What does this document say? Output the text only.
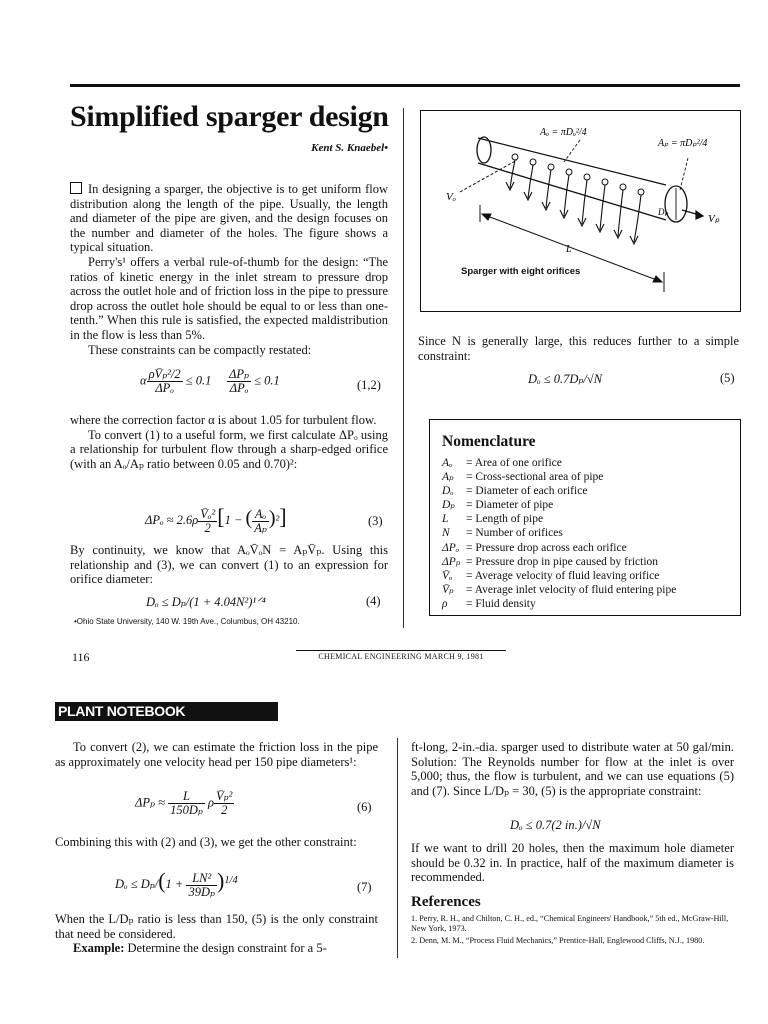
Simplified sparger design
Kent S. Knaebel•

In designing a sparger, the objective is to get uniform flow distribution along the length of the pipe. Usually, the length and diameter of the pipe are given, and the design focuses on the number and diameter of the holes. The figure shows a typical situation.

Perry's¹ offers a verbal rule-of-thumb for the design: “The ratios of kinetic energy in the inlet stream to pressure drop across the outlet hole and of friction loss in the pipe to pressure drop across the outlet hole should be equal to or less than one-tenth.” When this rule is satisfied, the expected maldistribution in the flow is less than 5%.

These constraints can be compactly restated:

α $\frac{\text{ρV̄ₚ²/2}}{\text{ΔPₒ}} \le 0.1 \frac{\text{ΔPₚ}}{\text{ΔPₒ}} \le 0.1$	(1,2)

where the correction factor α is about 1.05 for turbulent flow.

To convert (1) to a useful form, we first calculate ΔPₒ using a relationship for turbulent flow through a sharp-edged orifice (with an Aₒ/Aₚ ratio between 0.05 and 0.70)²:

$\Delta P_o \approx 2.6\rho \frac{\text{V̄ₒ²}}{2} [1$ − ( $\frac{\text{Aₒ}}{\text{Aₚ}} )^2$]	(3)

By continuity, we know that AₒV̄ₒN = AₚV̄ₚ. Using this relationship and (3), we can convert (1) to an expression for orifice diameter:

Dₒ ≤ Dₚ/(1 + 4.04N²)¹ᐟ⁴	(4)
•Ohio State University, 140 W. 19th Ave., Columbus, OH 43210.
116	CHEMICAL ENGINEERING MARCH 9, 1981
Aₒ = πDₒ²/4
Aₚ = πDₚ²/4
Vₒ
Vₚ
Dₚ
L
Sparger with eight orifices

Since N is generally large, this reduces further to a simple constraint:

Dₒ ≤ 0.7Dₚ/√N	(5)
Nomenclature
Aₒ = Area of one orifice
Aₚ = Cross-sectional area of pipe
Dₒ = Diameter of each orifice
Dₚ = Diameter of pipe
L = Length of pipe
N = Number of orifices
ΔPₒ = Pressure drop across each orifice
ΔPₚ = Pressure drop in pipe caused by friction
V̄ₒ = Average velocity of fluid leaving orifice
V̄ₚ = Average inlet velocity of fluid entering pipe
ρ = Fluid density
PLANT NOTEBOOK

To convert (2), we can estimate the friction loss in the pipe as approximately one velocity head per 150 pipe diameters¹:

$\Delta P_p \approx \frac{L}{\text{150Dₚ}}$ ρ $\frac{\text{V̄ₚ²}}{2}$	(6)

Combining this with (2) and (3), we get the other constraint:

$D_o \le D_p/(1 + \frac{\text{LN²}}{\text{39Dₚ}} )^{1/4}$	(7)

When the L/Dₚ ratio is less than 150, (5) is the only constraint that need be considered.

Example: Determine the design constraint for a 5-

ft-long, 2-in.-dia. sparger used to distribute water at 50 gal/min. Solution: The Reynolds number for flow at the inlet is over 5,000; thus, the flow is turbulent, and we can use equations (5) and (7). Since L/Dₚ = 30, (5) is the appropriate constraint:

Dₒ ≤ 0.7(2 in.)/√N

If we want to drill 20 holes, then the maximum hole diameter should be 0.32 in. In practice, half of the maximum diameter is recommended.

References
1. Perry, R. H., and Chilton, C. H., ed., “Chemical Engineers' Handbook,” 5th ed., McGraw-Hill, New York, 1973.
2. Denn, M. M., “Process Fluid Mechanics,” Prentice-Hall, Englewood Cliffs, N.J., 1980.
